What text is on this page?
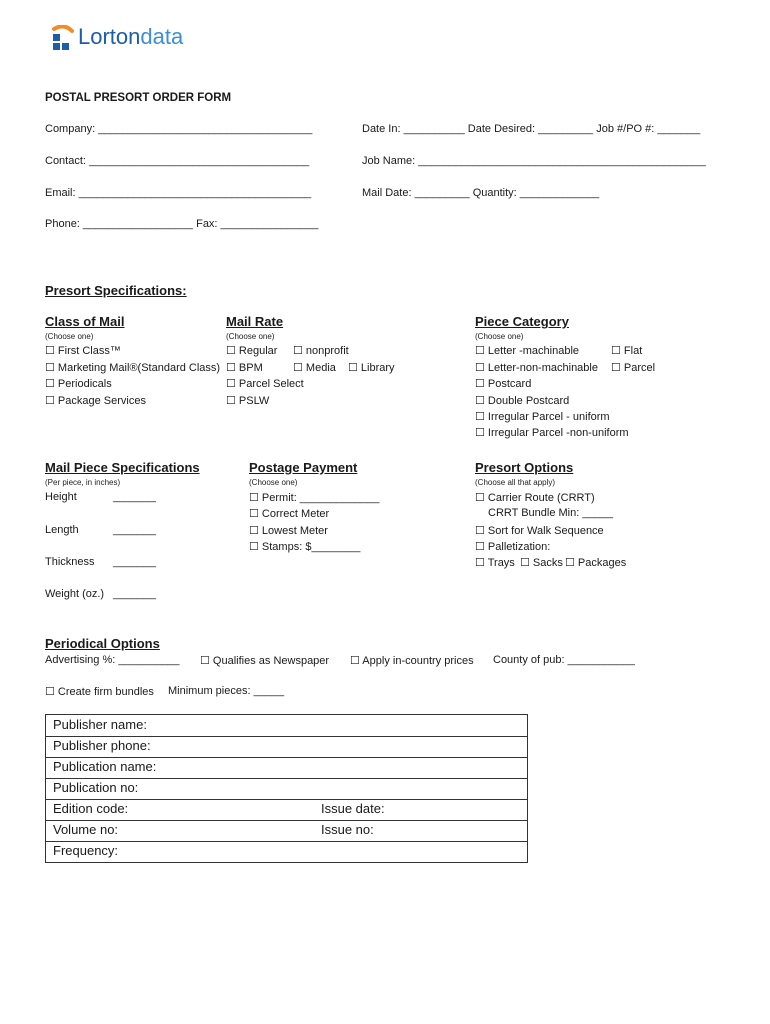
Lortondata
POSTAL PRESORT ORDER FORM
Company: ___________________________________
Contact: ____________________________________
Email: ______________________________________
Phone: __________________ Fax: ________________
Date In: __________ Date Desired: _________ Job #/PO #: _______
Job Name: _______________________________________________
Mail Date: _________ Quantity: _____________
Presort Specifications:
Class of Mail
(Choose one)
☐ First Class™
☐ Marketing Mail®(Standard Class)
☐ Periodicals
☐ Package Services
Mail Rate
(Choose one)
☐ Regular ☐ nonprofit
☐ BPM	☐ Media ☐ Library
☐ Parcel Select
☐ PSLW
Piece Category
(Choose one)
☐ Letter -machinable	☐ Flat
☐ Letter-non-machinable ☐ Parcel
☐ Postcard
☐ Double Postcard
☐ Irregular Parcel - uniform
☐ Irregular Parcel -non-uniform
Mail Piece Specifications
(Per piece, in inches)
Height	_______
Length	_______
Thickness _______
Weight (oz.) _______
Postage Payment
(Choose one)
☐ Permit: _____________
☐ Correct Meter
☐ Lowest Meter
☐ Stamps: $________
Presort Options
(Choose all that apply)
☐ Carrier Route (CRRT)
CRRT Bundle Min: _____
☐ Sort for Walk Sequence
☐ Palletization:
☐ Trays ☐ Sacks ☐ Packages
Periodical Options
Advertising %: __________ ☐ Qualifies as Newspaper ☐ Apply in-country prices County of pub: ___________
☐ Create firm bundles Minimum pieces: _____
Publisher name:
Publisher phone:
Publication name:
Publication no:
Edition code:	Issue date:
Volume no:	Issue no:
Frequency:
